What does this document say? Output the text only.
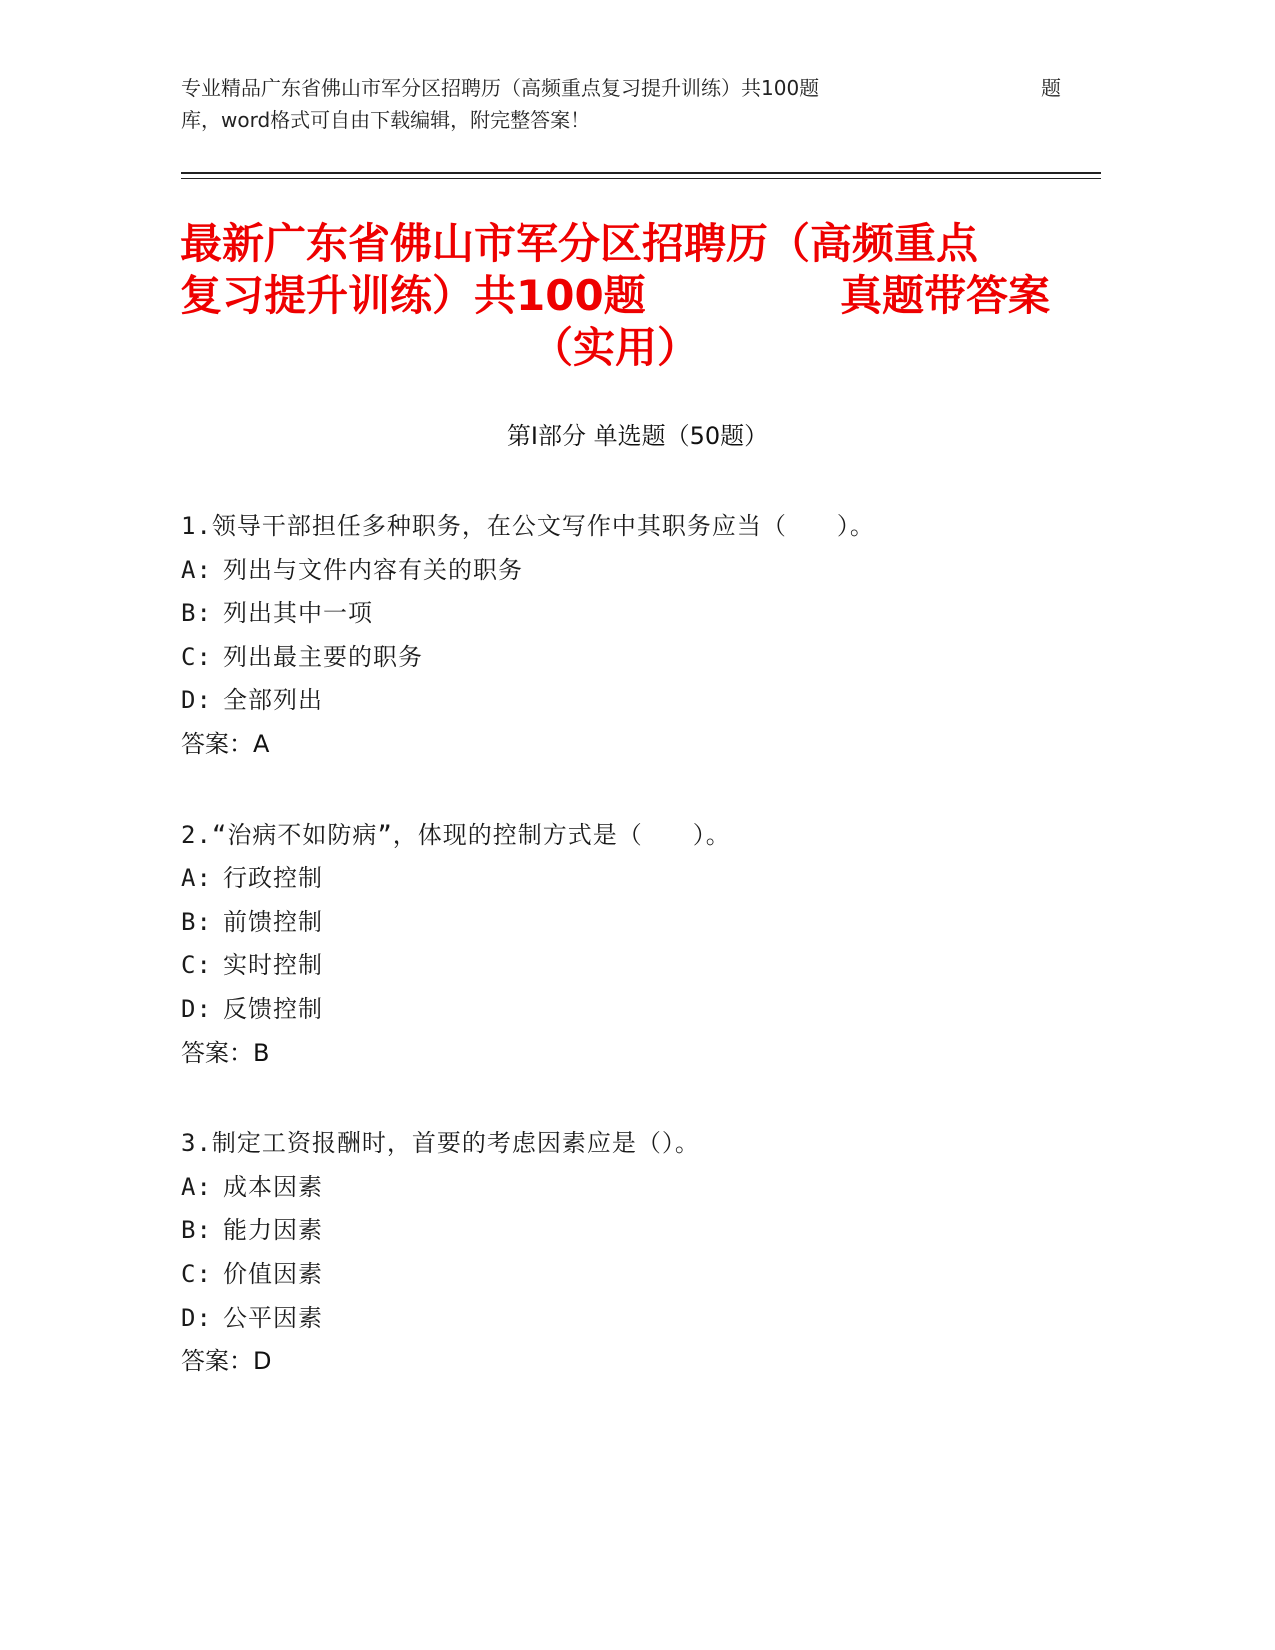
专业精品广东省佛山市军分区招聘历（高频重点复习提升训练）共100题	题
库，word格式可自由下载编辑，附完整答案！
最新广东省佛山市军分区招聘历（高频重点
复习提升训练）共100题	真题带答案
（实用）
第Ⅰ部分 单选题（50题）
1.领导干部担任多种职务，在公文写作中其职务应当（　　）。
A: 列出与文件内容有关的职务
B: 列出其中一项
C: 列出最主要的职务
D: 全部列出
答案：A
2.“治病不如防病”，体现的控制方式是（　　）。
A: 行政控制
B: 前馈控制
C: 实时控制
D: 反馈控制
答案：B
3.制定工资报酬时，首要的考虑因素应是（）。
A: 成本因素
B: 能力因素
C: 价值因素
D: 公平因素
答案：D
